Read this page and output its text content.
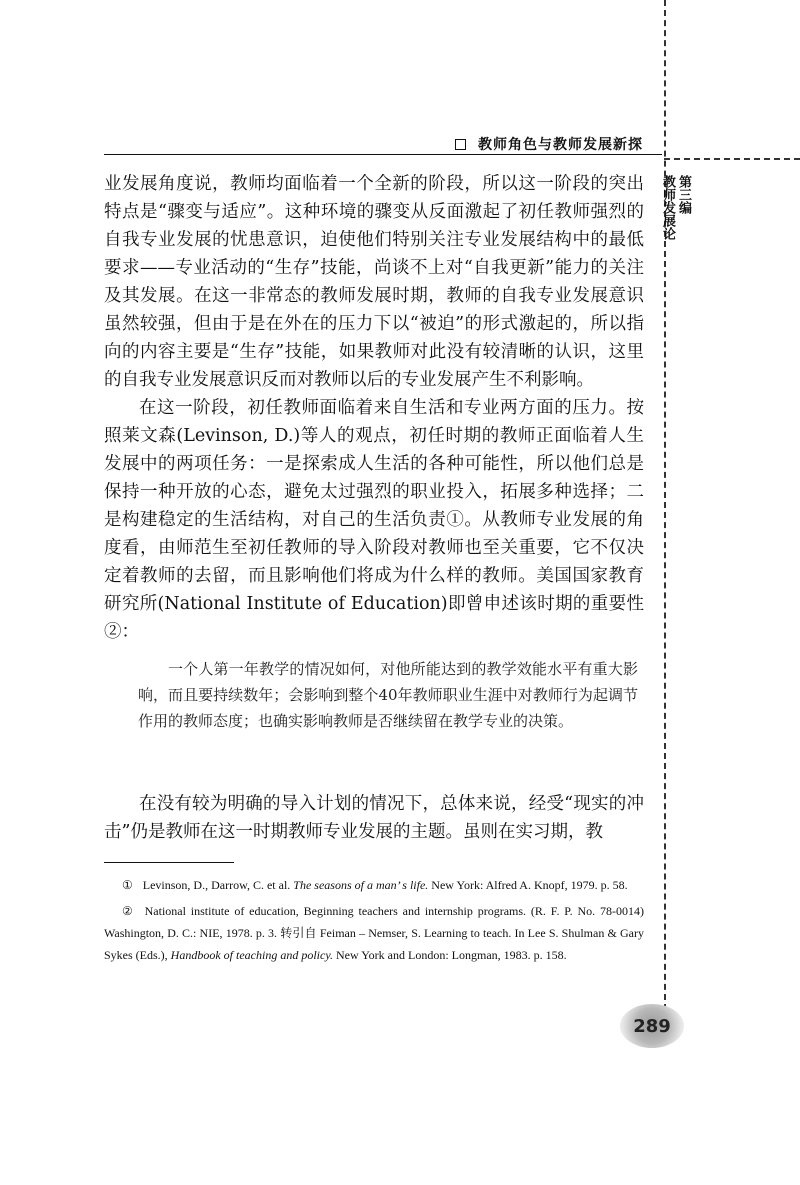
教师角色与教师发展新探
第三编
教师发展论

业发展角度说，教师均面临着一个全新的阶段，所以这一阶段的突出特点是“骤变与适应”。这种环境的骤变从反面激起了初任教师强烈的自我专业发展的忧患意识，迫使他们特别关注专业发展结构中的最低要求——专业活动的“生存”技能，尚谈不上对“自我更新”能力的关注及其发展。在这一非常态的教师发展时期，教师的自我专业发展意识虽然较强，但由于是在外在的压力下以“被迫”的形式激起的，所以指向的内容主要是“生存”技能，如果教师对此没有较清晰的认识，这里的自我专业发展意识反而对教师以后的专业发展产生不利影响。

在这一阶段，初任教师面临着来自生活和专业两方面的压力。按照莱文森(Levinson, D.)等人的观点，初任时期的教师正面临着人生发展中的两项任务：一是探索成人生活的各种可能性，所以他们总是保持一种开放的心态，避免太过强烈的职业投入，拓展多种选择；二是构建稳定的生活结构，对自己的生活负责①。从教师专业发展的角度看，由师范生至初任教师的导入阶段对教师也至关重要，它不仅决定着教师的去留，而且影响他们将成为什么样的教师。美国国家教育研究所(National Institute of Education)即曾申述该时期的重要性②：

一个人第一年教学的情况如何，对他所能达到的教学效能水平有重大影响，而且要持续数年；会影响到整个40年教师职业生涯中对教师行为起调节作用的教师态度；也确实影响教师是否继续留在教学专业的决策。

在没有较为明确的导入计划的情况下，总体来说，经受“现实的冲击”仍是教师在这一时期教师专业发展的主题。虽则在实习期，教

① Levinson, D., Darrow, C. et al. The seasons of a man’ s life. New York: Alfred A. Knopf, 1979. p. 58.

② National institute of education, Beginning teachers and internship programs. (R. F. P. No. 78-0014) Washington, D. C.: NIE, 1978. p. 3. 转引自 Feiman – Nemser, S. Learning to teach. In Lee S. Shulman & Gary Sykes (Eds.), Handbook of teaching and policy. New York and London: Longman, 1983. p. 158.

289
